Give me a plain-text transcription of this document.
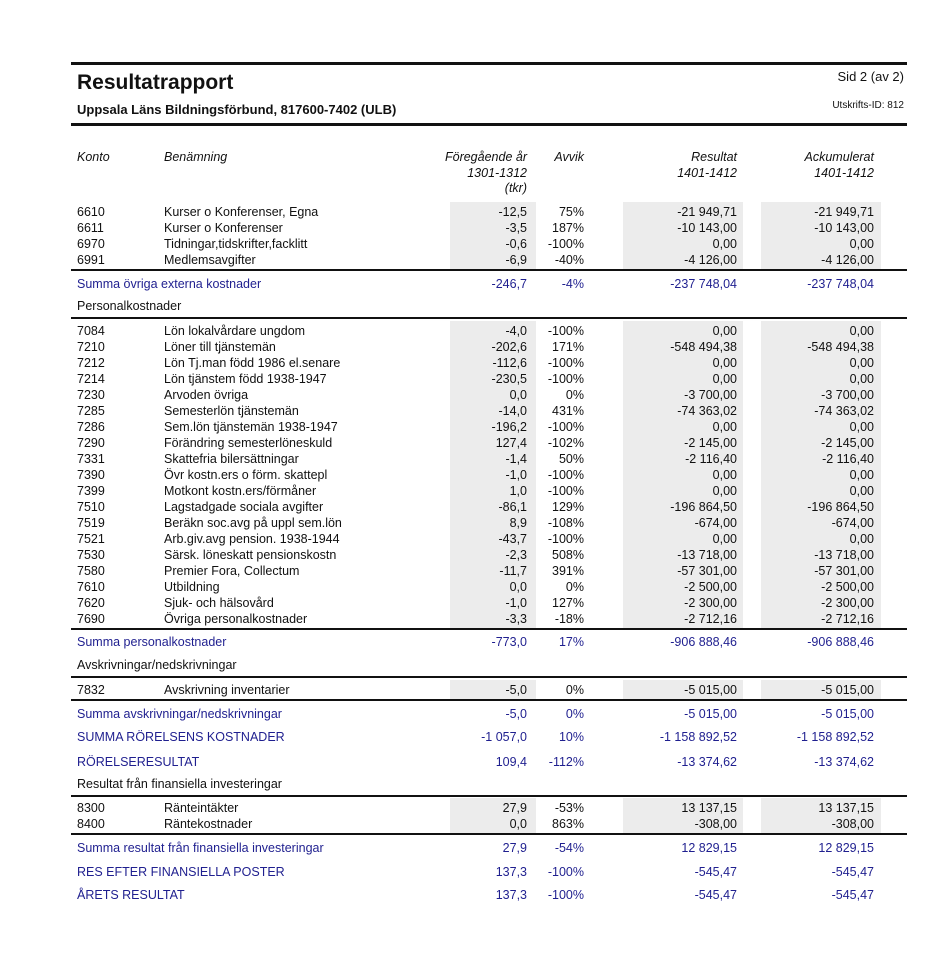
Resultatrapport
Uppsala Läns Bildningsförbund, 817600-7402 (ULB)
Sid 2 (av 2)
Utskrifts-ID: 812
Konto	Benämning	Föregående år
1301-1312
(tkr)
Avvik	Resultat
1401-1412
Ackumulerat
1401-1412
6610	Kurser o Konferenser, Egna	-12,5	75%	-21 949,71	-21 949,71
6611	Kurser o Konferenser	-3,5 187%	-10 143,00	-10 143,00
6970	Tidningar,tidskrifter,facklitt	-0,6 -100%	0,00	0,00
6991	Medlemsavgifter	-6,9 -40%	-4 126,00	-4 126,00
Summa övriga externa kostnader	-246,7	-4%	-237 748,04	-237 748,04
Personalkostnader
7084	Lön lokalvårdare ungdom	-4,0 -100%	0,00	0,00
7210	Löner till tjänstemän	-202,6 171%	-548 494,38	-548 494,38
7212	Lön Tj.man född 1986 el.senare	-112,6 -100%	0,00	0,00
7214	Lön tjänstem född 1938-1947	-230,5 -100%	0,00	0,00
7230	Arvoden övriga	0,0	0%	-3 700,00	-3 700,00
7285	Semesterlön tjänstemän	-14,0 431%	-74 363,02	-74 363,02
7286	Sem.lön tjänstemän 1938-1947	-196,2 -100%	0,00	0,00
7290	Förändring semesterlöneskuld	127,4 -102%	-2 145,00	-2 145,00
7331	Skattefria bilersättningar	-1,4	50%	-2 116,40	-2 116,40
7390	Övr kostn.ers o förm. skattepl	-1,0 -100%	0,00	0,00
7399	Motkont kostn.ers/förmåner	1,0 -100%	0,00	0,00
7510	Lagstadgade sociala avgifter	-86,1 129%	-196 864,50	-196 864,50
7519	Beräkn soc.avg på uppl sem.lön	8,9 -108%	-674,00	-674,00
7521	Arb.giv.avg pension. 1938-1944	-43,7 -100%	0,00	0,00
7530	Särsk. löneskatt pensionskostn	-2,3 508%	-13 718,00	-13 718,00
7580	Premier Fora, Collectum	-11,7 391%	-57 301,00	-57 301,00
7610	Utbildning	0,0	0%	-2 500,00	-2 500,00
7620	Sjuk- och hälsovård	-1,0 127%	-2 300,00	-2 300,00
7690	Övriga personalkostnader	-3,3 -18%	-2 712,16	-2 712,16
Summa personalkostnader	-773,0	17%	-906 888,46	-906 888,46
Avskrivningar/nedskrivningar
7832	Avskrivning inventarier	-5,0	0%	-5 015,00	-5 015,00
Summa avskrivningar/nedskrivningar	-5,0	0%	-5 015,00	-5 015,00
Resultat från finansiella investeringar
8300	Ränteintäkter	27,9 -53%	13 137,15	13 137,15
8400	Räntekostnader	0,0 863%	-308,00	-308,00
Summa resultat från finansiella investeringar	27,9 -54%	12 829,15	12 829,15
SUMMA RÖRELSENS KOSTNADER	-1 057,0	10%	-1 158 892,52	-1 158 892,52
RÖRELSERESULTAT	109,4 -112%	-13 374,62	-13 374,62
RES EFTER FINANSIELLA POSTER	137,3 -100%	-545,47	-545,47
ÅRETS RESULTAT	137,3 -100%	-545,47	-545,47
